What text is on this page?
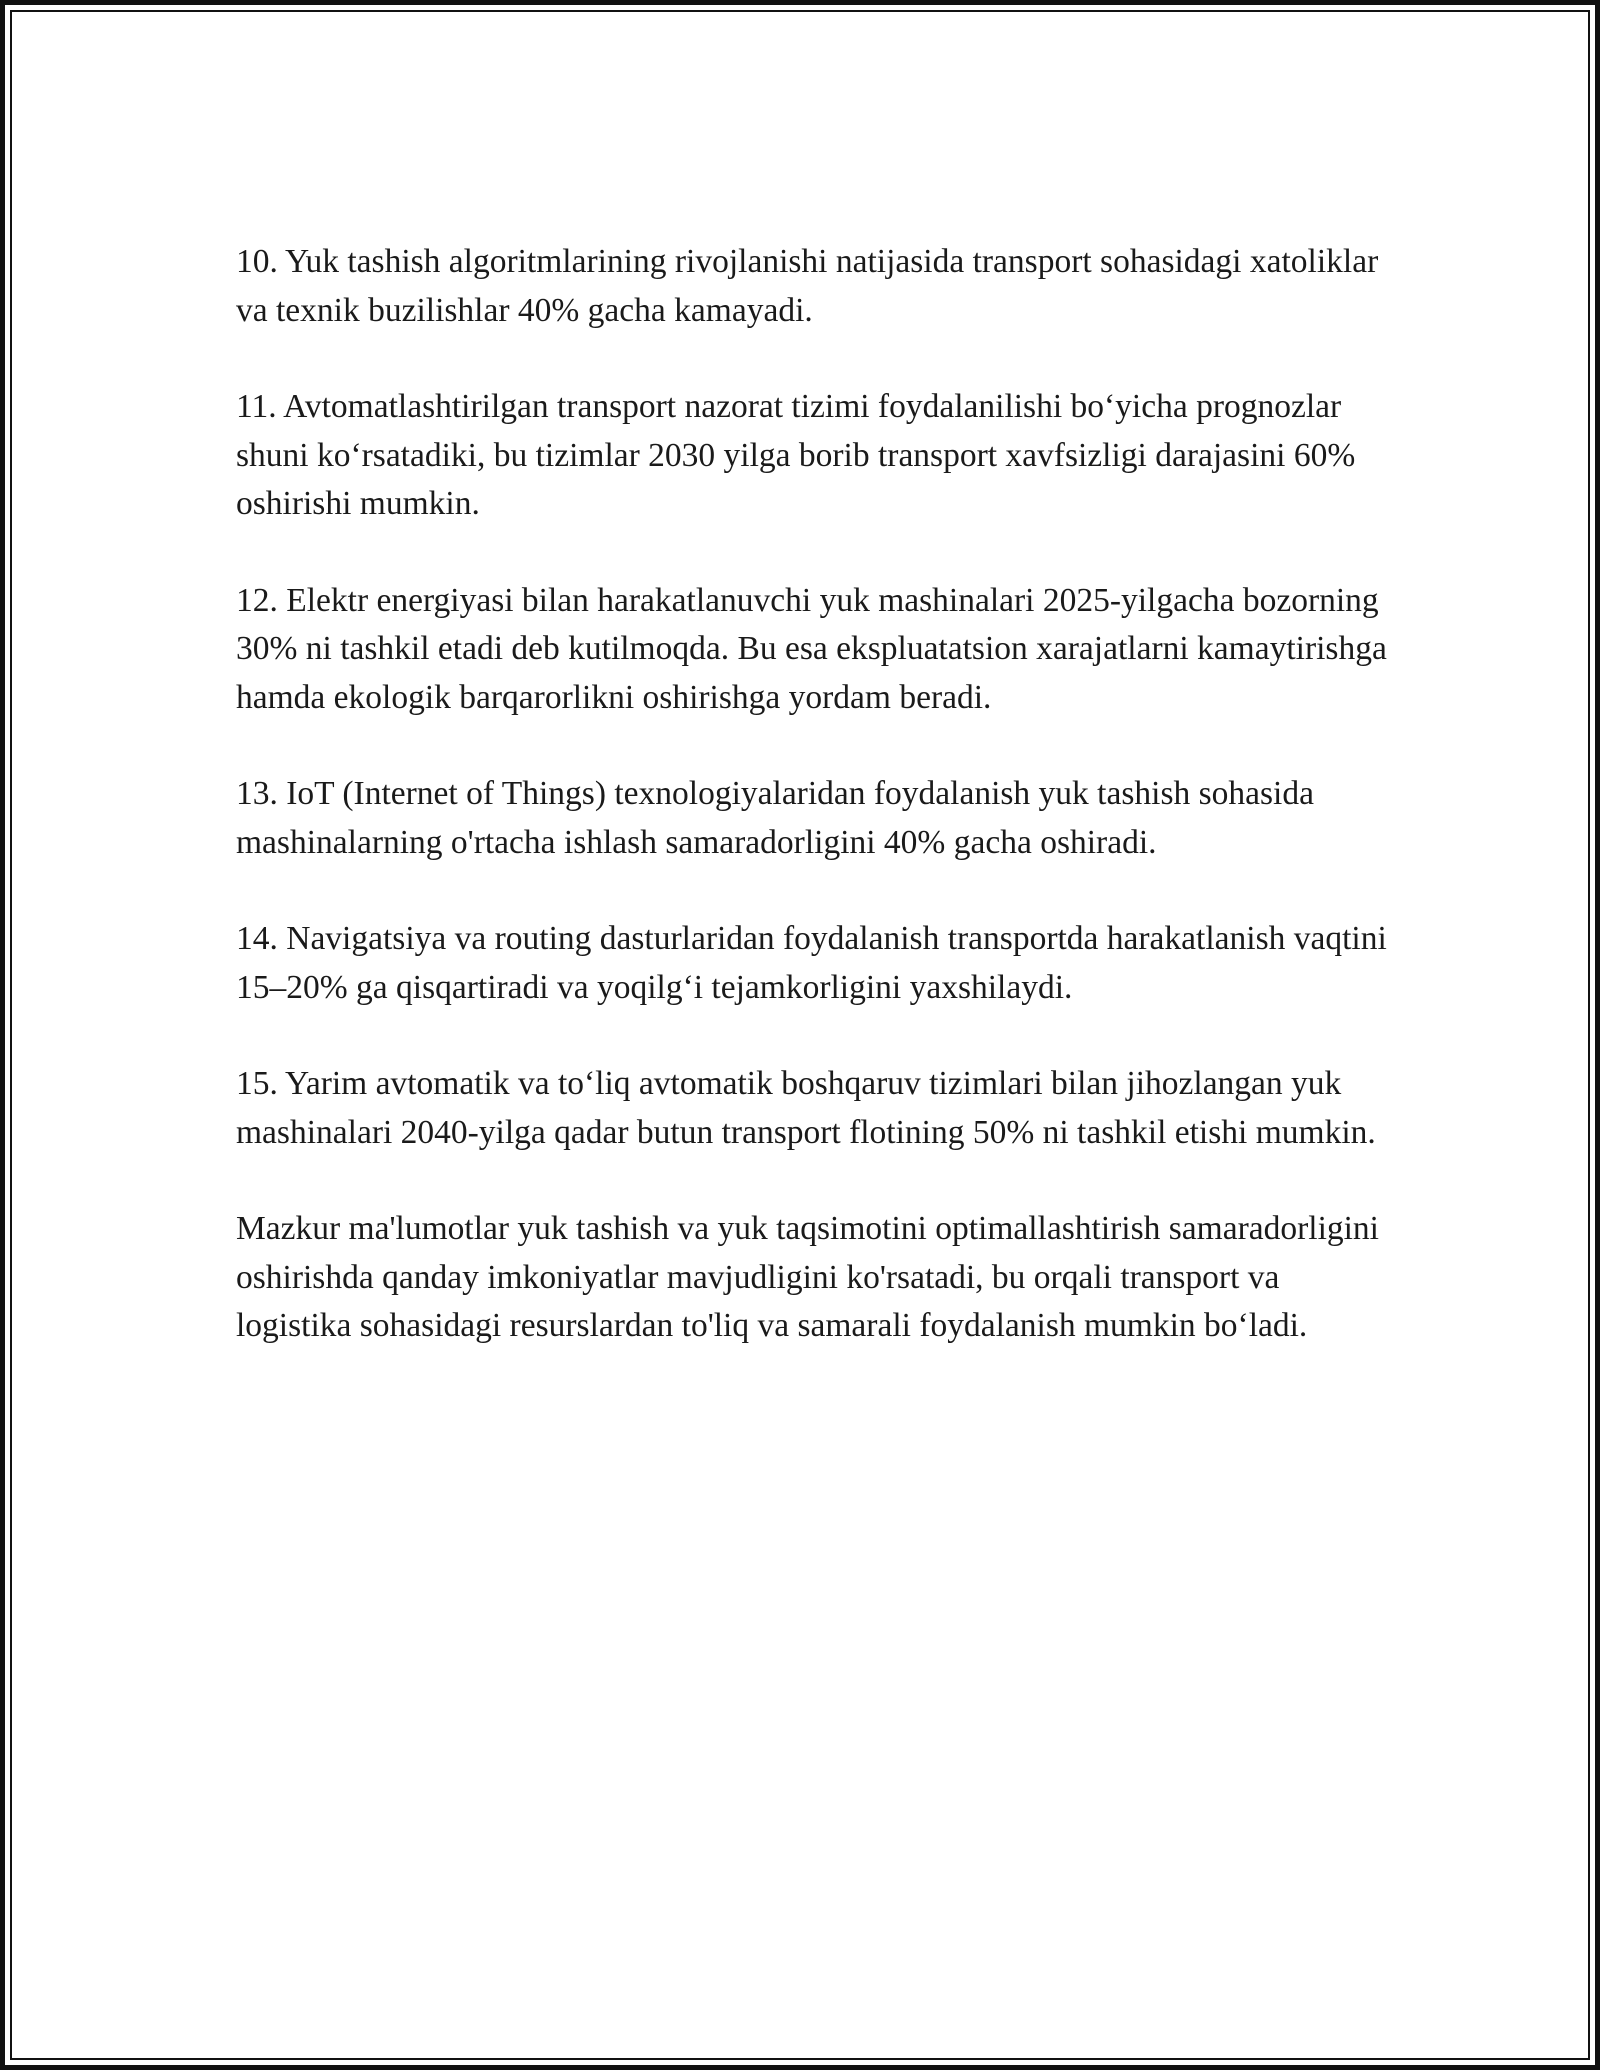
10. Yuk tashish algoritmlarining rivojlanishi natijasida transport sohasidagi xatoliklar va texnik buzilishlar 40% gacha kamayadi.

11. Avtomatlashtirilgan transport nazorat tizimi foydalanilishi bo‘yicha prognozlar shuni ko‘rsatadiki, bu tizimlar 2030 yilga borib transport xavfsizligi darajasini 60% oshirishi mumkin.

12. Elektr energiyasi bilan harakatlanuvchi yuk mashinalari 2025-yilgacha bozorning 30% ni tashkil etadi deb kutilmoqda. Bu esa ekspluatatsion xarajatlarni kamaytirishga hamda ekologik barqarorlikni oshirishga yordam beradi.

13. IoT (Internet of Things) texnologiyalaridan foydalanish yuk tashish sohasida mashinalarning o'rtacha ishlash samaradorligini 40% gacha oshiradi.

14. Navigatsiya va routing dasturlaridan foydalanish transportda harakatlanish vaqtini 15–20% ga qisqartiradi va yoqilg‘i tejamkorligini yaxshilaydi.

15. Yarim avtomatik va to‘liq avtomatik boshqaruv tizimlari bilan jihozlangan yuk mashinalari 2040-yilga qadar butun transport flotining 50% ni tashkil etishi mumkin.

Mazkur ma'lumotlar yuk tashish va yuk taqsimotini optimallashtirish samaradorligini oshirishda qanday imkoniyatlar mavjudligini ko'rsatadi, bu orqali transport va logistika sohasidagi resurslardan to'liq va samarali foydalanish mumkin bo‘ladi.
